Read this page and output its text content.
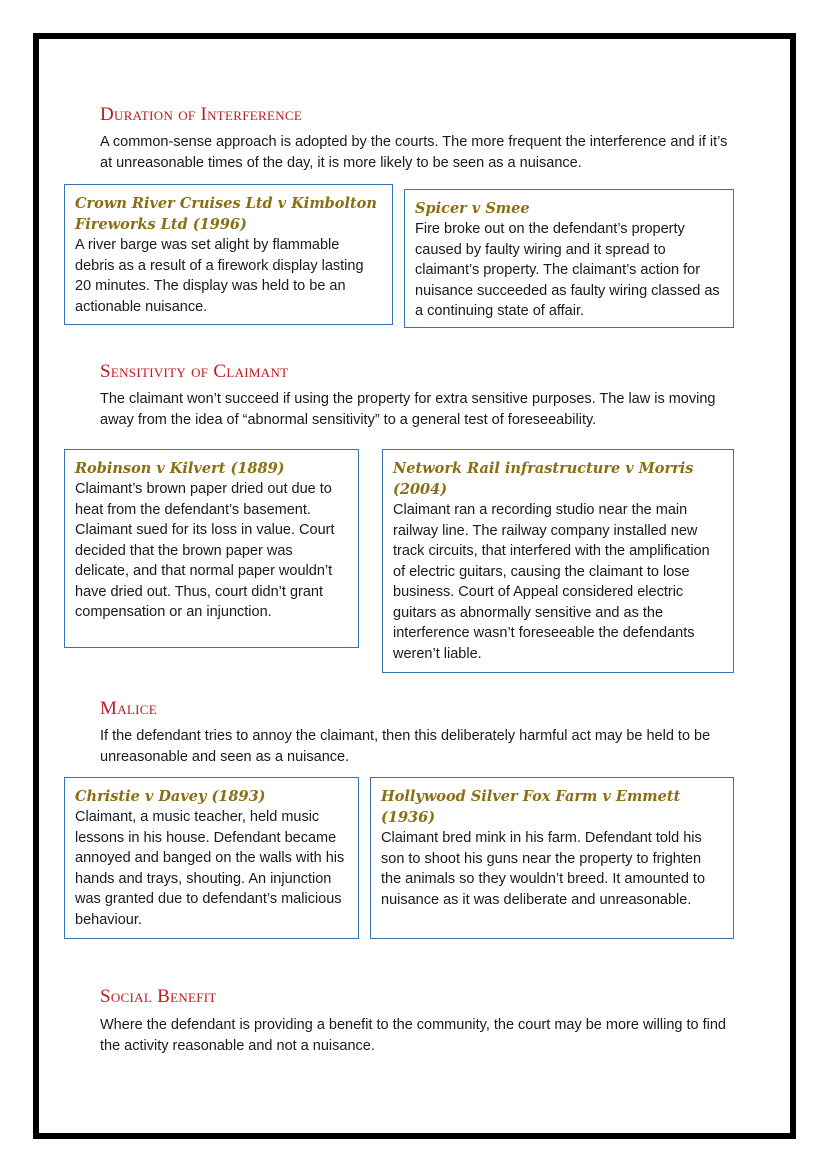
Duration of Interference
A common-sense approach is adopted by the courts. The more frequent the interference and if it’s at unreasonable times of the day, it is more likely to be seen as a nuisance.
Crown River Cruises Ltd v Kimbolton Fireworks Ltd (1996)
A river barge was set alight by flammable debris as a result of a firework display lasting 20 minutes. The display was held to be an actionable nuisance.
Spicer v Smee
Fire broke out on the defendant’s property caused by faulty wiring and it spread to claimant’s property. The claimant’s action for nuisance succeeded as faulty wiring classed as a continuing state of affair.
Sensitivity of Claimant
The claimant won’t succeed if using the property for extra sensitive purposes. The law is moving away from the idea of “abnormal sensitivity” to a general test of foreseeability.
Robinson v Kilvert (1889)
Claimant’s brown paper dried out due to heat from the defendant’s basement. Claimant sued for its loss in value. Court decided that the brown paper was delicate, and that normal paper wouldn’t have dried out. Thus, court didn’t grant compensation or an injunction.
Network Rail infrastructure v Morris (2004)
Claimant ran a recording studio near the main railway line. The railway company installed new track circuits, that interfered with the amplification of electric guitars, causing the claimant to lose business. Court of Appeal considered electric guitars as abnormally sensitive and as the interference wasn’t foreseeable the defendants weren’t liable.
Malice
If the defendant tries to annoy the claimant, then this deliberately harmful act may be held to be unreasonable and seen as a nuisance.
Christie v Davey (1893)
Claimant, a music teacher, held music lessons in his house. Defendant became annoyed and banged on the walls with his hands and trays, shouting. An injunction was granted due to defendant’s malicious behaviour.
Hollywood Silver Fox Farm v Emmett (1936)
Claimant bred mink in his farm. Defendant told his son to shoot his guns near the property to frighten the animals so they wouldn’t breed. It amounted to nuisance as it was deliberate and unreasonable.
Social Benefit
Where the defendant is providing a benefit to the community, the court may be more willing to find the activity reasonable and not a nuisance.
